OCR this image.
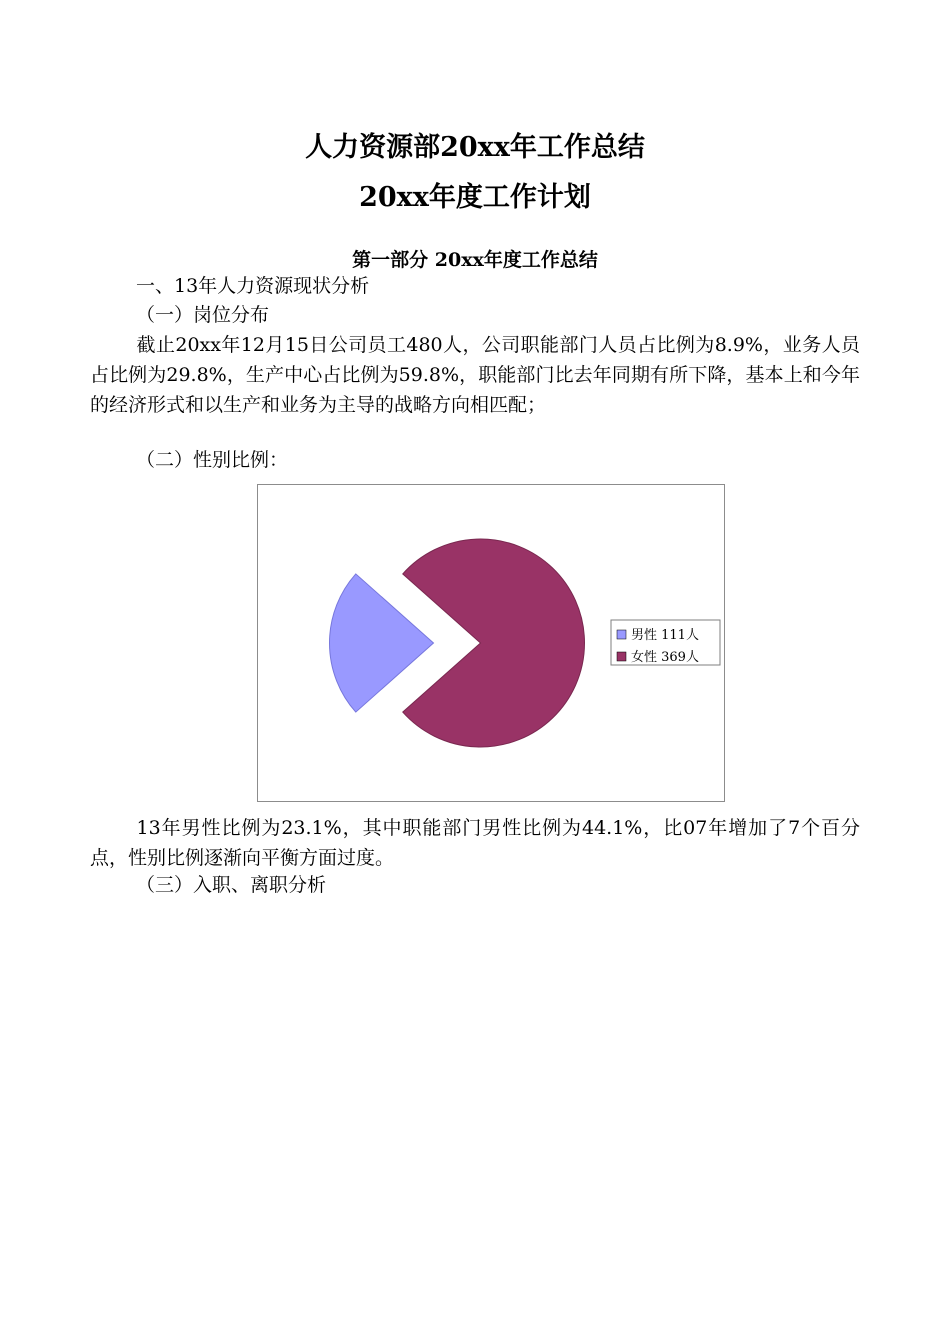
人力资源部20xx年工作总结
20xx年度工作计划
第一部分 20xx年度工作总结
一、13年人力资源现状分析
（一）岗位分布
截止20xx年12月15日公司员工480人，公司职能部门人员占比例为8.9%，业务人员占比例为29.8%，生产中心占比例为59.8%，职能部门比去年同期有所下降，基本上和今年的经济形式和以生产和业务为主导的战略方向相匹配；
（二）性别比例：
男性 111人
女性 369人
13年男性比例为23.1%，其中职能部门男性比例为44.1%，比07年增加了7个百分点，性别比例逐渐向平衡方面过度。
（三）入职、离职分析
